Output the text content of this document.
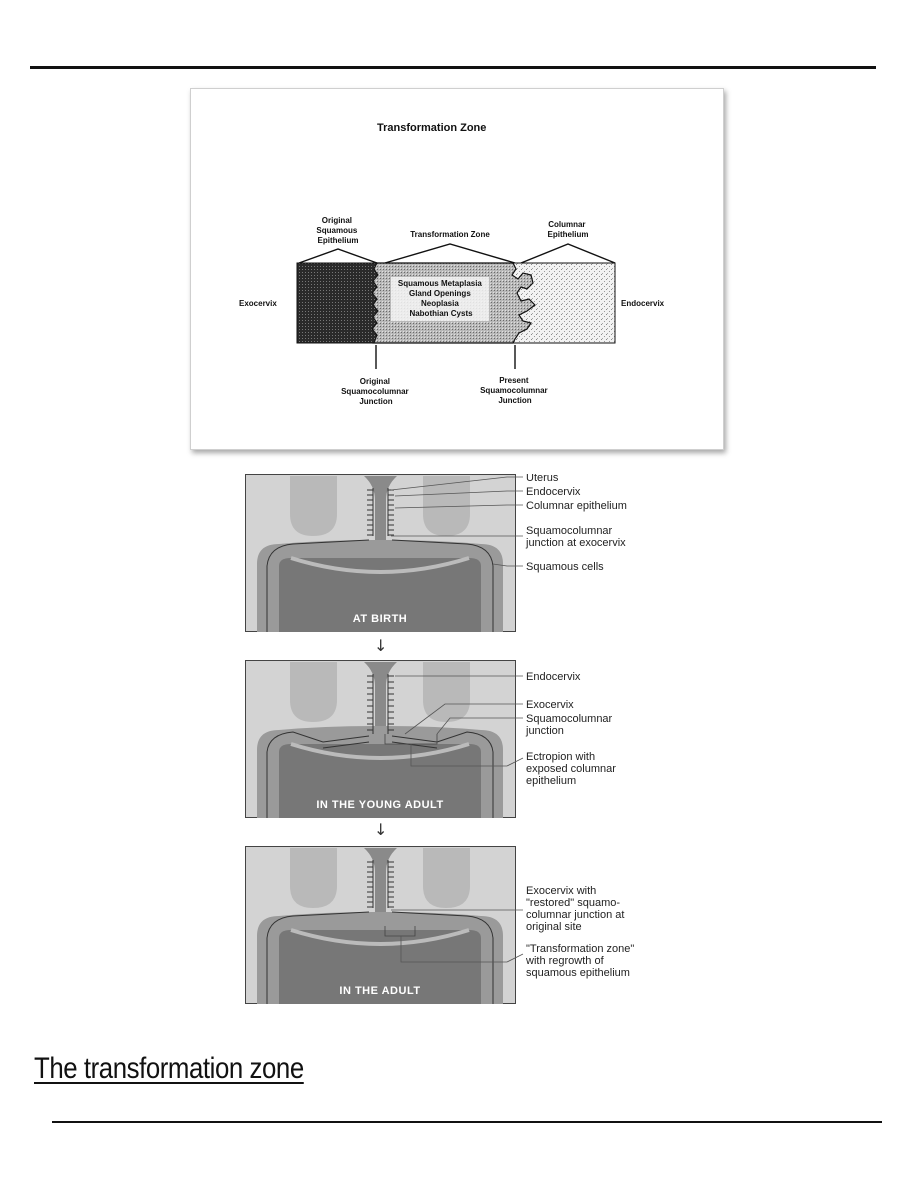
Transformation Zone
Original Squamous Epithelium
Transformation Zone
Columnar Epithelium
Exocervix	Endocervix
Squamous Metaplasia Gland Openings Neoplasia Nabothian Cysts
Original Squamocolumnar Junction
Present Squamocolumnar Junction
AT BIRTH
Uterus
Endocervix
Columnar epithelium
Squamocolumnar junction at exocervix
Squamous cells
↓
IN THE YOUNG ADULT
Endocervix
Exocervix
Squamocolumnar junction
Ectropion with exposed columnar epithelium
↓
IN THE ADULT
Exocervix with "restored" squamo- columnar junction at original site
"Transformation zone" with regrowth of squamous epithelium
The transformation zone
